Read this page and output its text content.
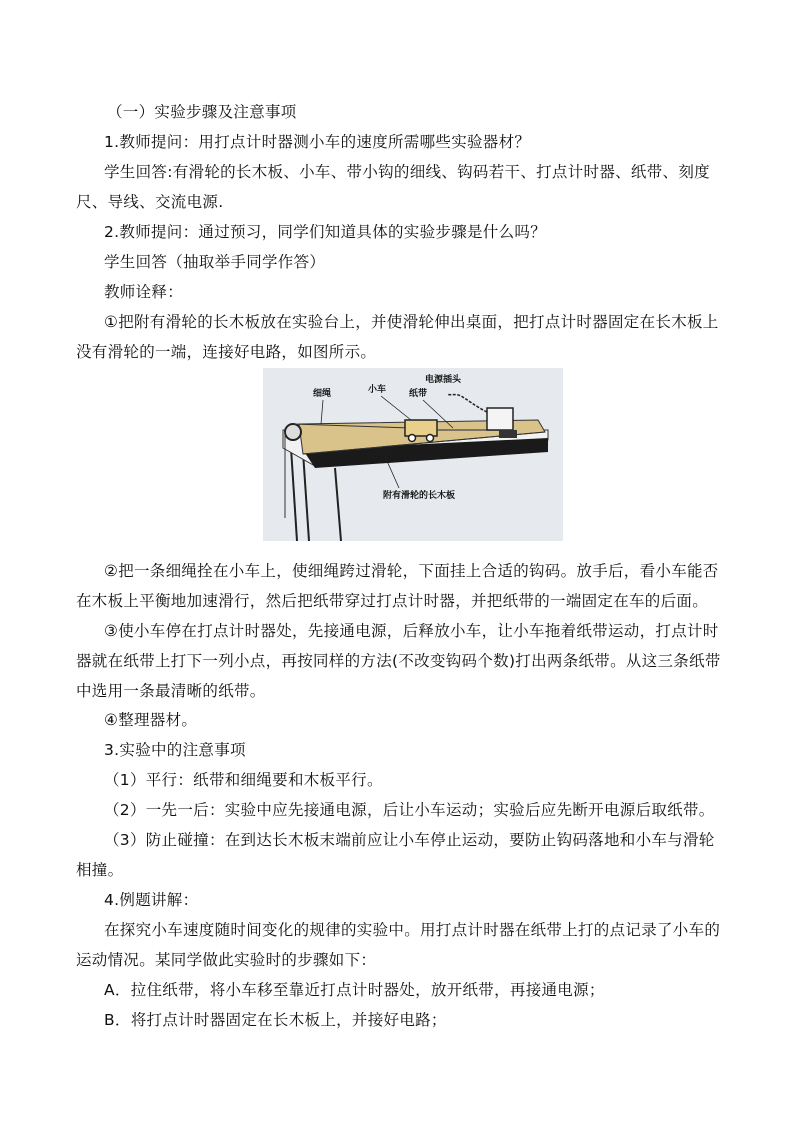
（一）实验步骤及注意事项
1.教师提问：用打点计时器测小车的速度所需哪些实验器材？
学生回答:有滑轮的长木板、小车、带小钩的细线、钩码若干、打点计时器、纸带、刻度
尺、导线、交流电源.
2.教师提问：通过预习，同学们知道具体的实验步骤是什么吗？
学生回答（抽取举手同学作答）
教师诠释：
①把附有滑轮的长木板放在实验台上，并使滑轮伸出桌面，把打点计时器固定在长木板上
没有滑轮的一端，连接好电路，如图所示。
细绳	小车	纸带
电源插头
附有滑轮的长木板
②把一条细绳拴在小车上，使细绳跨过滑轮，下面挂上合适的钩码。放手后，看小车能否
在木板上平衡地加速滑行，然后把纸带穿过打点计时器，并把纸带的一端固定在车的后面。
③使小车停在打点计时器处，先接通电源，后释放小车，让小车拖着纸带运动，打点计时
器就在纸带上打下一列小点，再按同样的方法(不改变钩码个数)打出两条纸带。从这三条纸带
中选用一条最清晰的纸带。
④整理器材。
3.实验中的注意事项
（1）平行：纸带和细绳要和木板平行。
（2）一先一后：实验中应先接通电源，后让小车运动；实验后应先断开电源后取纸带。
（3）防止碰撞：在到达长木板末端前应让小车停止运动，要防止钩码落地和小车与滑轮
相撞。
4.例题讲解：
在探究小车速度随时间变化的规律的实验中。用打点计时器在纸带上打的点记录了小车的
运动情况。某同学做此实验时的步骤如下：
A．拉住纸带，将小车移至靠近打点计时器处，放开纸带，再接通电源；
B．将打点计时器固定在长木板上，并接好电路；
